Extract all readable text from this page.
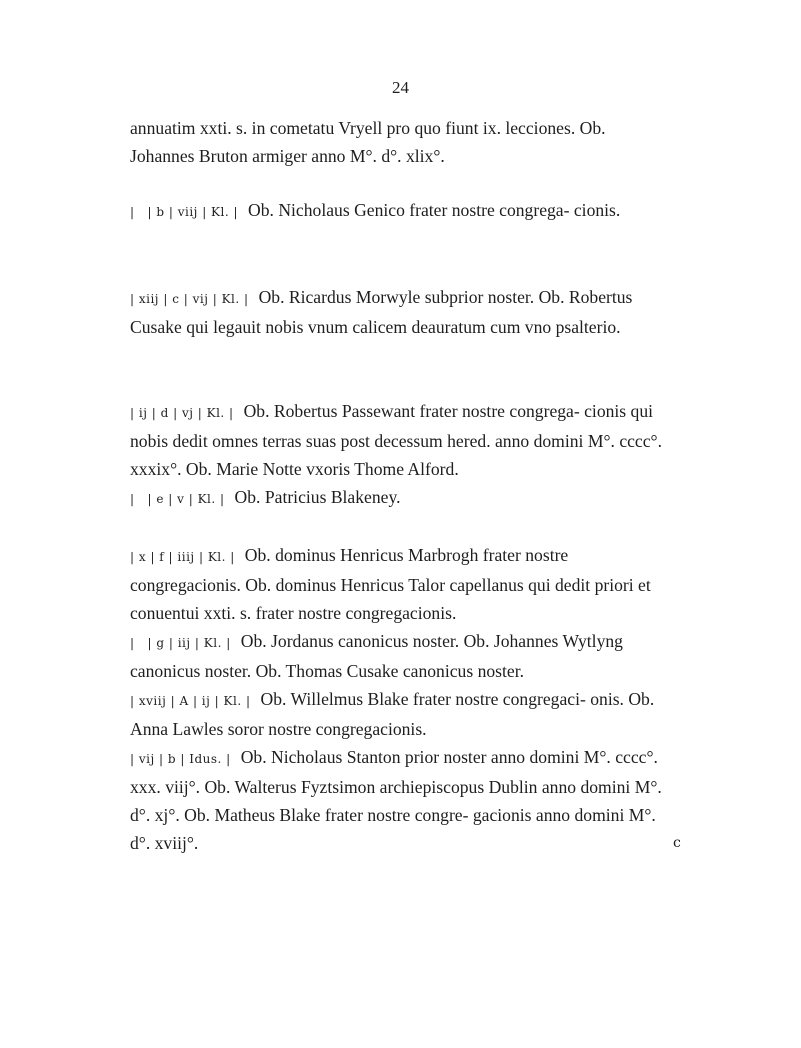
24
annuatim xxti. s. in cometatu Vryell pro quo fiunt ix. lecciones. Ob. Johannes Bruton armiger anno M°. d°. xlix°.
|   | b | viij | Kl. | Ob. Nicholaus Genico frater nostre congrega- cionis.
| xiij | c | vij | Kl. | Ob. Ricardus Morwyle subprior noster. Ob. Robertus Cusake qui legauit nobis vnum calicem deauratum cum vno psalterio.
| ij | d | vj | Kl. | Ob. Robertus Passewant frater nostre congrega- cionis qui nobis dedit omnes terras suas post decessum hered. anno domini M°. cccc°. xxxix°. Ob. Marie Notte vxoris Thome Alford.
|   | e | v | Kl. | Ob. Patricius Blakeney.
| x | f | iiij | Kl. | Ob. dominus Henricus Marbrogh frater nostre congregacionis. Ob. dominus Henricus Talor capellanus qui dedit priori et conuentui xxti. s. frater nostre congregacionis.
|   | g | iij | Kl. | Ob. Jordanus canonicus noster. Ob. Johannes Wytlyng canonicus noster. Ob. Thomas Cusake canonicus noster.
| xviij | A | ij | Kl. | Ob. Willelmus Blake frater nostre congregaci- onis. Ob. Anna Lawles soror nostre congregacionis.
| vij | b | Idus. | Ob. Nicholaus Stanton prior noster anno domini M°. cccc°. xxx. viij°. Ob. Walterus Fyztsimon archiepiscopus Dublin anno domini M°. d°. xj°. Ob. Matheus Blake frater nostre congre- gacionis anno domini M°. d°. xviij°.	c
